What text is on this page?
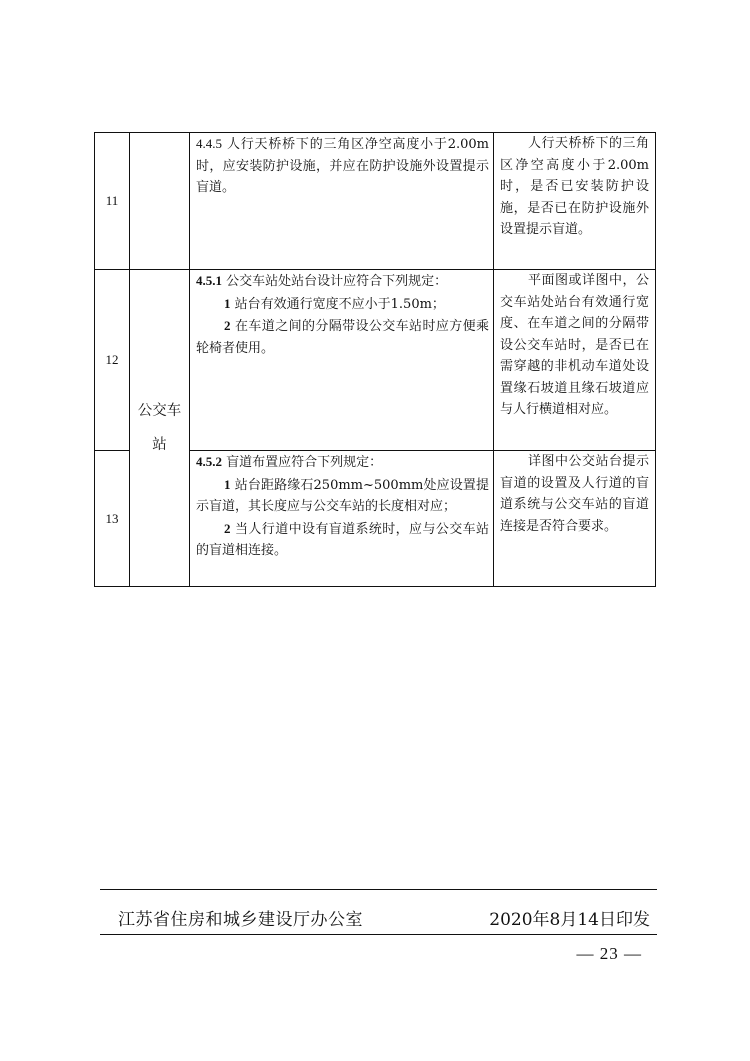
11		4.4.5 人行天桥桥下的三角区净空高度小于2.00m时，应安装防护设施，并应在防护设施外设置提示盲道。	人行天桥桥下的三角区净空高度小于2.00m时，是否已安装防护设施，是否已在防护设施外设置提示盲道。

12	公交车站	4.5.1 公交车站处站台设计应符合下列规定：

1 站台有效通行宽度不应小于1.50m；

2 在车道之间的分隔带设公交车站时应方便乘轮椅者使用。	平面图或详图中，公交车站处站台有效通行宽度、在车道之间的分隔带设公交车站时，是否已在需穿越的非机动车道处设置缘石坡道且缘石坡道应与人行横道相对应。

13		4.5.2 盲道布置应符合下列规定：

1 站台距路缘石250mm~500mm处应设置提示盲道，其长度应与公交车站的长度相对应；

2 当人行道中设有盲道系统时，应与公交车站的盲道相连接。	详图中公交站台提示盲道的设置及人行道的盲道系统与公交车站的盲道连接是否符合要求。

江苏省住房和城乡建设厅办公室	2020年8月14日印发
— 23 —
